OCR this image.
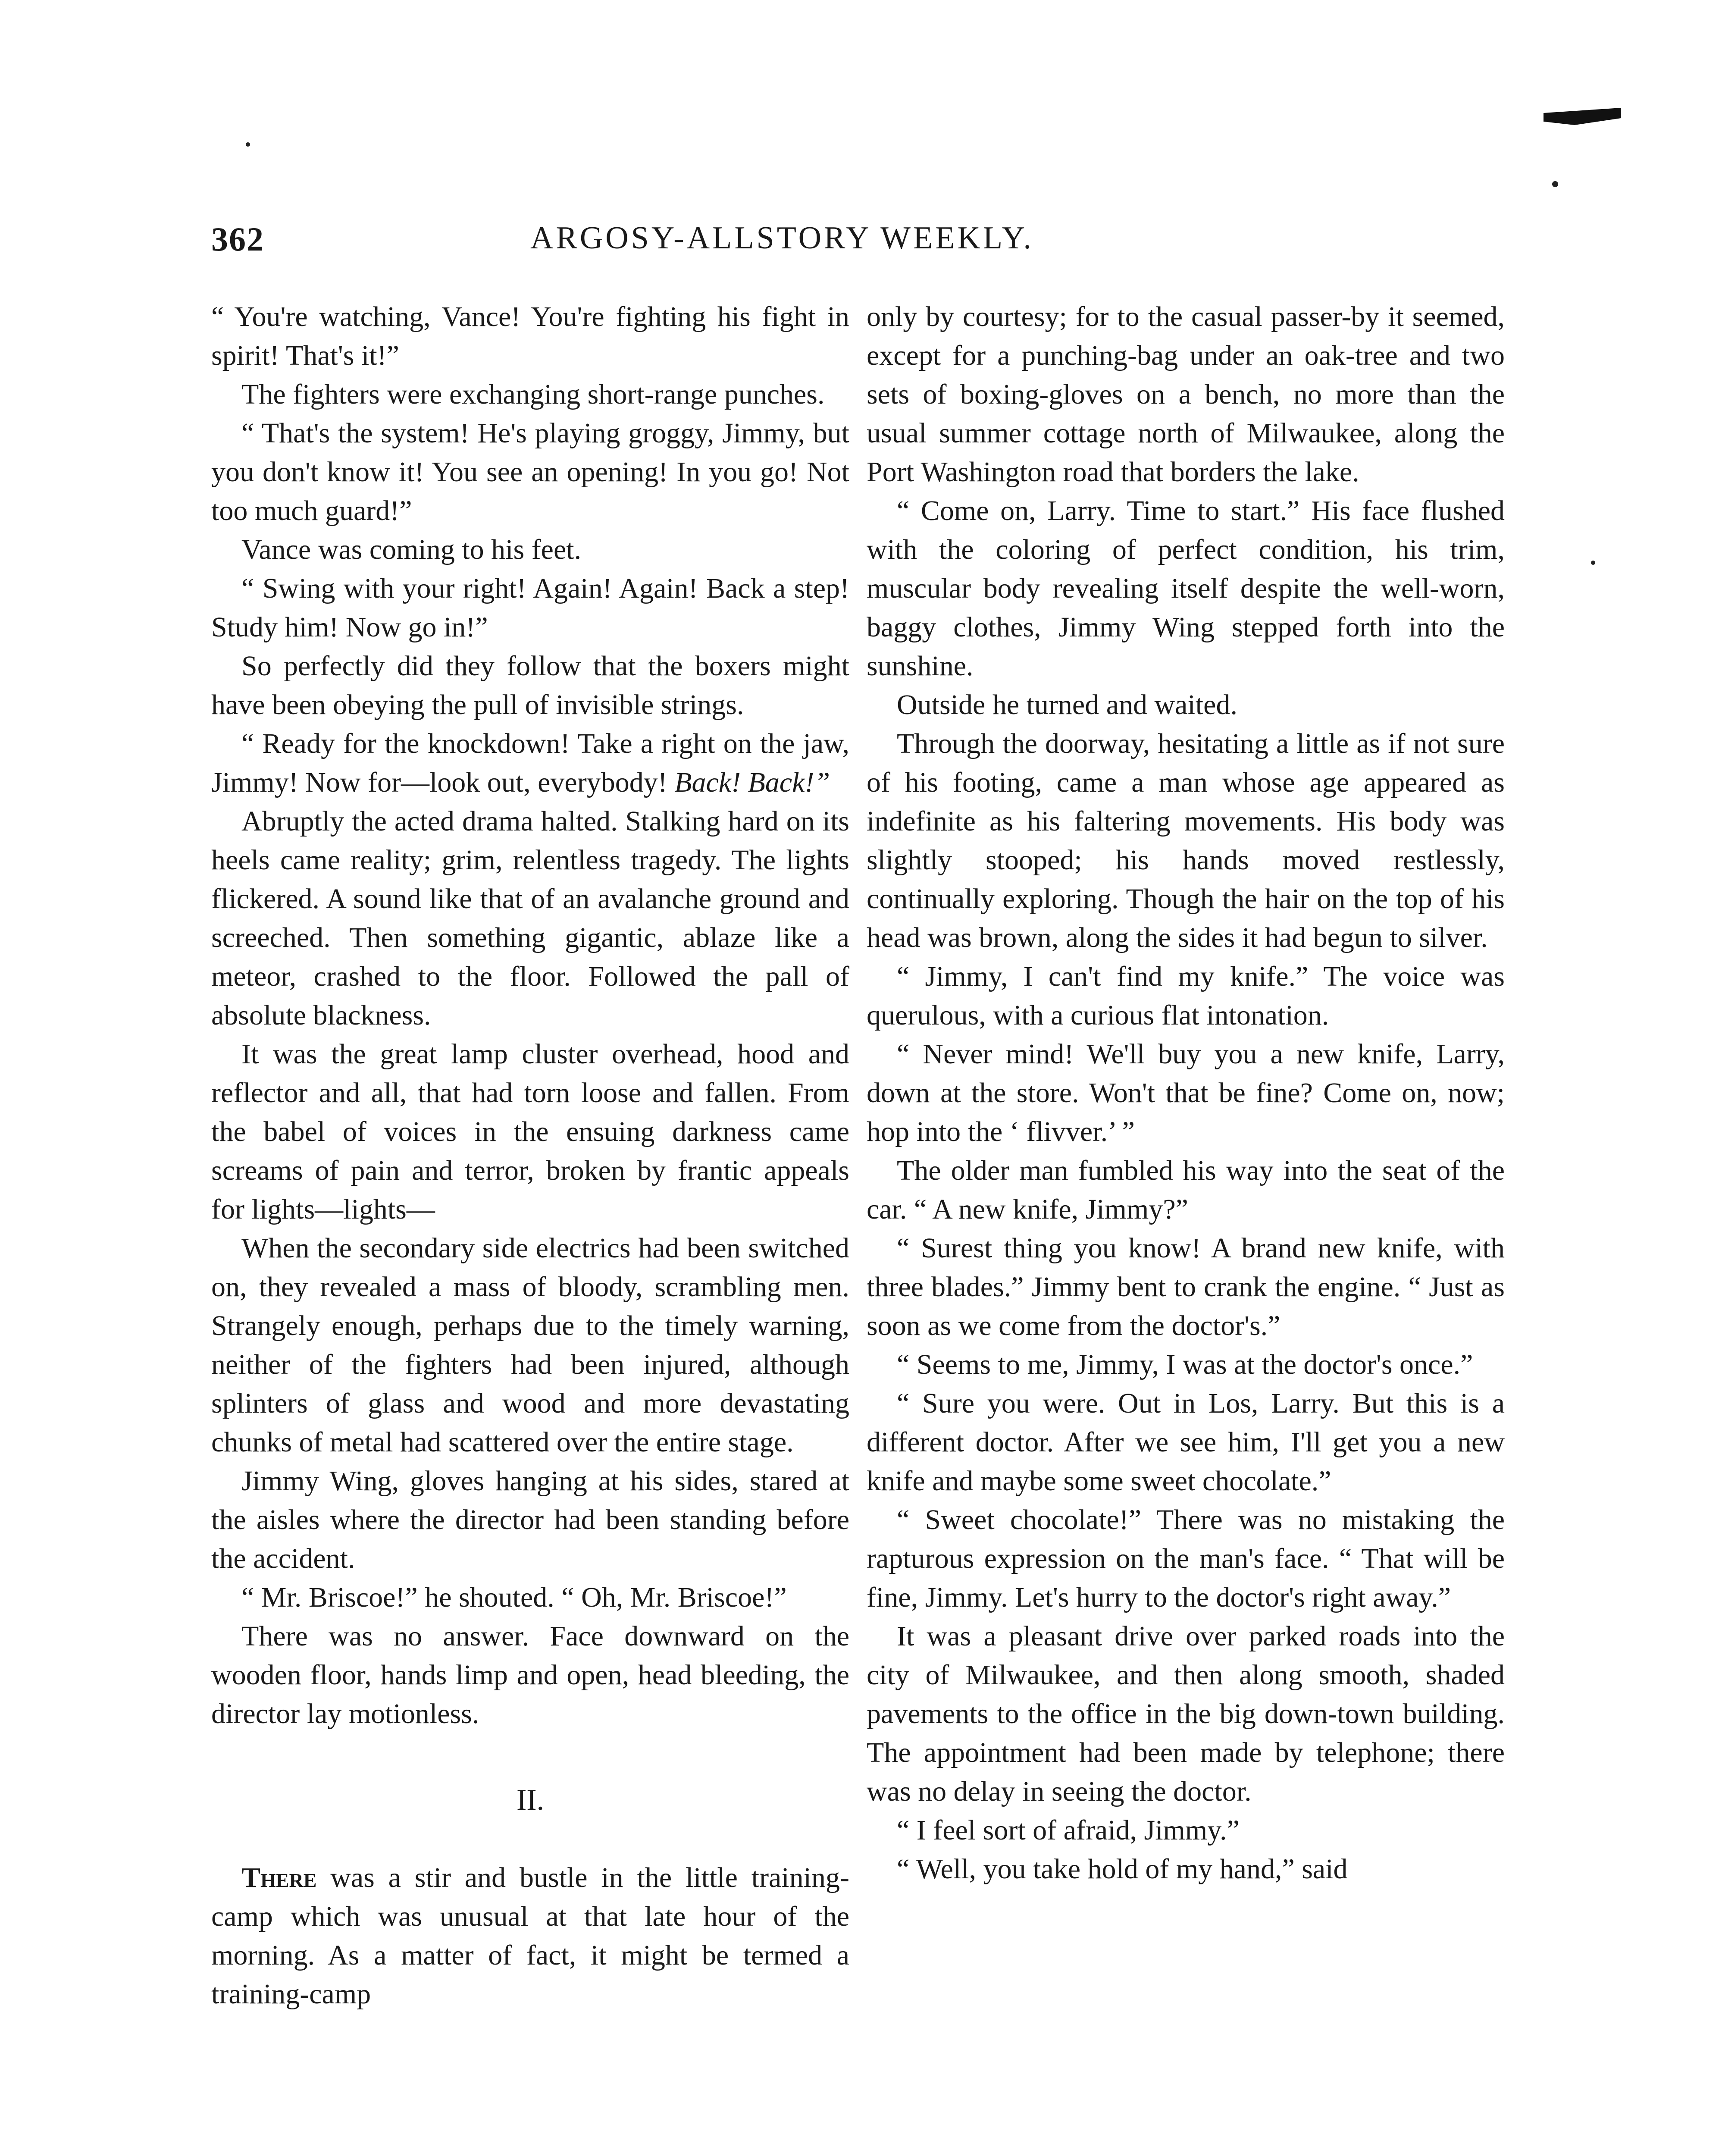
362	ARGOSY-ALLSTORY WEEKLY.

“ You're watching, Vance! You're fighting his fight in spirit! That's it!”

The fighters were exchanging short-range punches.

“ That's the system! He's playing groggy, Jimmy, but you don't know it! You see an opening! In you go! Not too much guard!”

Vance was coming to his feet.

“ Swing with your right! Again! Again! Back a step! Study him! Now go in!”

So perfectly did they follow that the boxers might have been obeying the pull of invisible strings.

“ Ready for the knockdown! Take a right on the jaw, Jimmy! Now for—look out, everybody! Back! Back!”

Abruptly the acted drama halted. Stalking hard on its heels came reality; grim, relentless tragedy. The lights flickered. A sound like that of an avalanche ground and screeched. Then something gigantic, ablaze like a meteor, crashed to the floor. Followed the pall of absolute blackness.

It was the great lamp cluster overhead, hood and reflector and all, that had torn loose and fallen. From the babel of voices in the ensuing darkness came screams of pain and terror, broken by frantic appeals for lights—lights—

When the secondary side electrics had been switched on, they revealed a mass of bloody, scrambling men. Strangely enough, perhaps due to the timely warning, neither of the fighters had been injured, although splinters of glass and wood and more devastating chunks of metal had scattered over the entire stage.

Jimmy Wing, gloves hanging at his sides, stared at the aisles where the director had been standing before the accident.

“ Mr. Briscoe!” he shouted. “ Oh, Mr. Briscoe!”

There was no answer. Face downward on the wooden floor, hands limp and open, head bleeding, the director lay motionless.

II.

There was a stir and bustle in the little training-camp which was unusual at that late hour of the morning. As a matter of fact, it might be termed a training-camp

only by courtesy; for to the casual passer-by it seemed, except for a punching-bag under an oak-tree and two sets of boxing-gloves on a bench, no more than the usual summer cottage north of Milwaukee, along the Port Washington road that borders the lake.

“ Come on, Larry. Time to start.” His face flushed with the coloring of perfect condition, his trim, muscular body revealing itself despite the well-worn, baggy clothes, Jimmy Wing stepped forth into the sunshine.

Outside he turned and waited.

Through the doorway, hesitating a little as if not sure of his footing, came a man whose age appeared as indefinite as his faltering movements. His body was slightly stooped; his hands moved restlessly, continually exploring. Though the hair on the top of his head was brown, along the sides it had begun to silver.

“ Jimmy, I can't find my knife.” The voice was querulous, with a curious flat intonation.

“ Never mind! We'll buy you a new knife, Larry, down at the store. Won't that be fine? Come on, now; hop into the ‘ flivver.’ ”

The older man fumbled his way into the seat of the car. “ A new knife, Jimmy?”

“ Surest thing you know! A brand new knife, with three blades.” Jimmy bent to crank the engine. “ Just as soon as we come from the doctor's.”

“ Seems to me, Jimmy, I was at the doctor's once.”

“ Sure you were. Out in Los, Larry. But this is a different doctor. After we see him, I'll get you a new knife and maybe some sweet chocolate.”

“ Sweet chocolate!” There was no mistaking the rapturous expression on the man's face. “ That will be fine, Jimmy. Let's hurry to the doctor's right away.”

It was a pleasant drive over parked roads into the city of Milwaukee, and then along smooth, shaded pavements to the office in the big down-town building. The appointment had been made by telephone; there was no delay in seeing the doctor.

“ I feel sort of afraid, Jimmy.”

“ Well, you take hold of my hand,” said
